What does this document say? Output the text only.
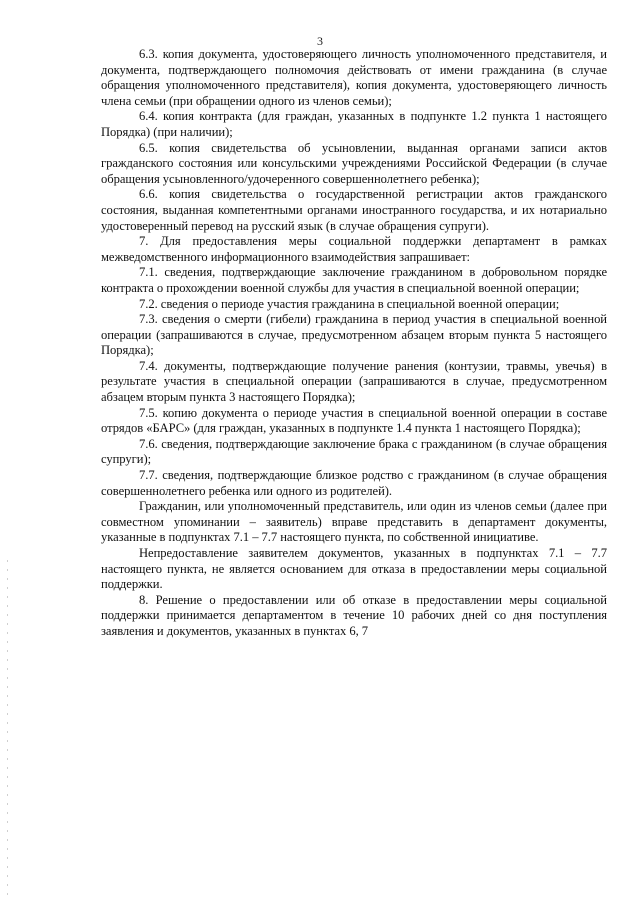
3

6.3. копия документа, удостоверяющего личность уполномоченного представителя, и документа, подтверждающего полномочия действовать от имени гражданина (в случае обращения уполномоченного представителя), копия документа, удостоверяющего личность члена семьи (при обращении одного из членов семьи);

6.4. копия контракта (для граждан, указанных в подпункте 1.2 пункта 1 настоящего Порядка) (при наличии);

6.5. копия свидетельства об усыновлении, выданная органами записи актов гражданского состояния или консульскими учреждениями Российской Федерации (в случае обращения усыновленного/удочеренного совершеннолетнего ребенка);

6.6. копия свидетельства о государственной регистрации актов гражданского состояния, выданная компетентными органами иностранного государства, и их нотариально удостоверенный перевод на русский язык (в случае обращения супруги).

7. Для предоставления меры социальной поддержки департамент в рамках межведомственного информационного взаимодействия запрашивает:

7.1. сведения, подтверждающие заключение гражданином в добровольном порядке контракта о прохождении военной службы для участия в специальной военной операции;

7.2. сведения о периоде участия гражданина в специальной военной операции;

7.3. сведения о смерти (гибели) гражданина в период участия в специальной военной операции (запрашиваются в случае, предусмотренном абзацем вторым пункта 5 настоящего Порядка);

7.4. документы, подтверждающие получение ранения (контузии, травмы, увечья) в результате участия в специальной операции (запрашиваются в случае, предусмотренном абзацем вторым пункта 3 настоящего Порядка);

7.5. копию документа о периоде участия в специальной военной операции в составе отрядов «БАРС» (для граждан, указанных в подпункте 1.4 пункта 1 настоящего Порядка);

7.6. сведения, подтверждающие заключение брака с гражданином (в случае обращения супруги);

7.7. сведения, подтверждающие близкое родство с гражданином (в случае обращения совершеннолетнего ребенка или одного из родителей).

Гражданин, или уполномоченный представитель, или один из членов семьи (далее при совместном упоминании – заявитель) вправе представить в департамент документы, указанные в подпунктах 7.1 – 7.7 настоящего пункта, по собственной инициативе.

Непредоставление заявителем документов, указанных в подпунктах 7.1 – 7.7 настоящего пункта, не является основанием для отказа в предоставлении меры социальной поддержки.

8. Решение о предоставлении или об отказе в предоставлении меры социальной поддержки принимается департаментом в течение 10 рабочих дней со дня поступления заявления и документов, указанных в пунктах 6, 7
